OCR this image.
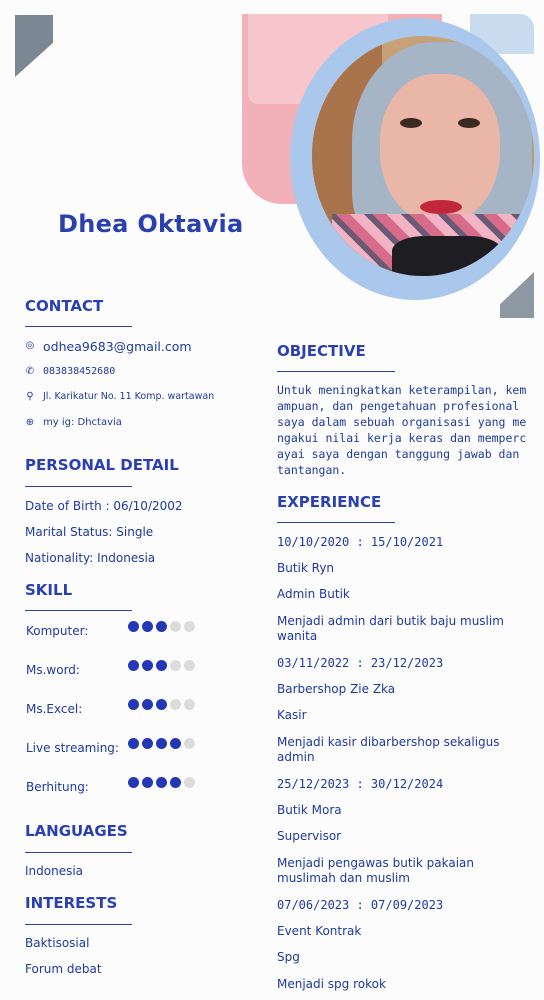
Dhea Oktavia
CONTACT
◎ odhea9683@gmail.com
✆ 083838452680
⚲ Jl. Karikatur No. 11 Komp. wartawan
⊕ my ig: Dhctavia
PERSONAL DETAIL
Date of Birth : 06/10/2002
Marital Status: Single
Nationality: Indonesia
SKILL
Komputer:
Ms.word:
Ms.Excel:
Live streaming:
Berhitung:
LANGUAGES
Indonesia
INTERESTS
Baktisosial
Forum debat
OBJECTIVE
Untuk meningkatkan keterampilan, kemampuan, dan pengetahuan profesional saya dalam sebuah organisasi yang mengakui nilai kerja keras dan mempercayai saya dengan tanggung jawab dan tantangan.
EXPERIENCE
10/10/2020 : 15/10/2021
Butik Ryn
Admin Butik
Menjadi admin dari butik baju muslim wanita
03/11/2022 : 23/12/2023
Barbershop Zie Zka
Kasir
Menjadi kasir dibarbershop sekaligus admin
25/12/2023 : 30/12/2024
Butik Mora
Supervisor
Menjadi pengawas butik pakaian muslimah dan muslim
07/06/2023 : 07/09/2023
Event Kontrak
Spg
Menjadi spg rokok
